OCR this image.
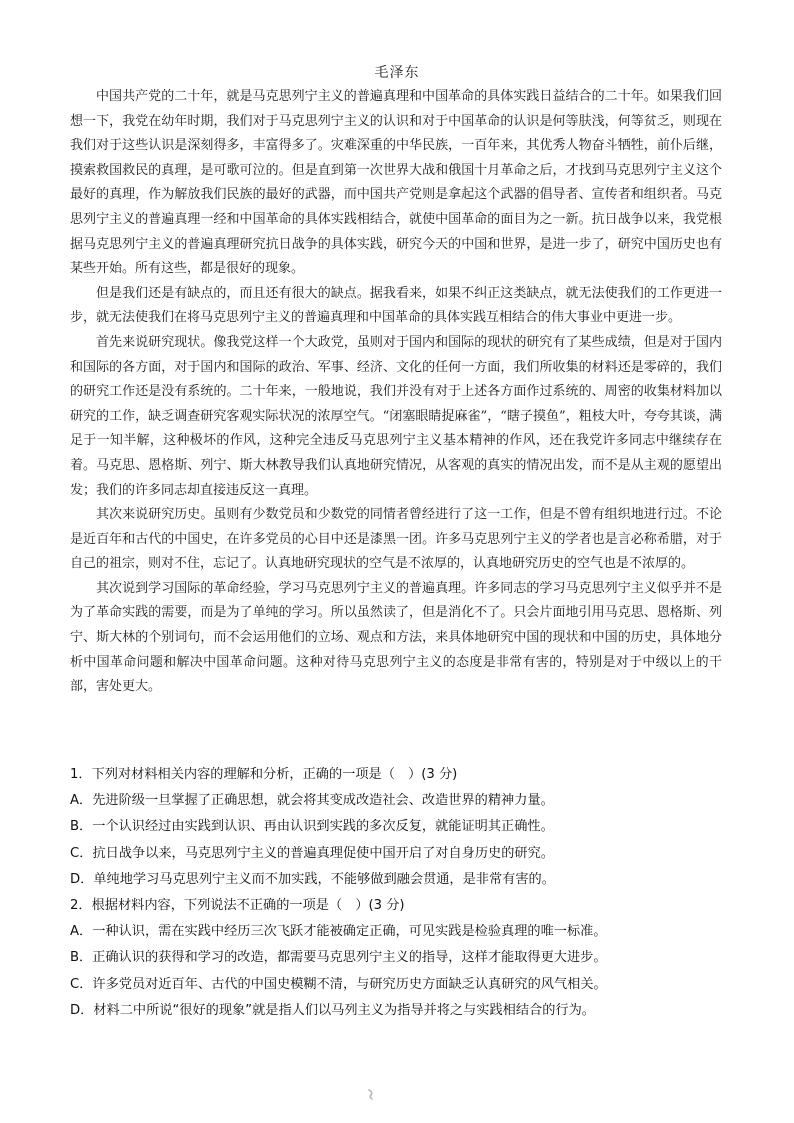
毛泽东

中国共产党的二十年，就是马克思列宁主义的普遍真理和中国革命的具体实践日益结合的二十年。如果我们回想一下，我党在幼年时期，我们对于马克思列宁主义的认识和对于中国革命的认识是何等肤浅，何等贫乏，则现在我们对于这些认识是深刻得多，丰富得多了。灾难深重的中华民族，一百年来，其优秀人物奋斗牺牲，前仆后继，摸索救国救民的真理，是可歌可泣的。但是直到第一次世界大战和俄国十月革命之后，才找到马克思列宁主义这个最好的真理，作为解放我们民族的最好的武器，而中国共产党则是拿起这个武器的倡导者、宣传者和组织者。马克思列宁主义的普遍真理一经和中国革命的具体实践相结合，就使中国革命的面目为之一新。抗日战争以来，我党根据马克思列宁主义的普遍真理研究抗日战争的具体实践，研究今天的中国和世界，是进一步了，研究中国历史也有某些开始。所有这些，都是很好的现象。

但是我们还是有缺点的，而且还有很大的缺点。据我看来，如果不纠正这类缺点，就无法使我们的工作更进一步，就无法使我们在将马克思列宁主义的普遍真理和中国革命的具体实践互相结合的伟大事业中更进一步。

首先来说研究现状。像我党这样一个大政党，虽则对于国内和国际的现状的研究有了某些成绩，但是对于国内和国际的各方面，对于国内和国际的政治、军事、经济、文化的任何一方面，我们所收集的材料还是零碎的，我们的研究工作还是没有系统的。二十年来，一般地说，我们并没有对于上述各方面作过系统的、周密的收集材料加以研究的工作，缺乏调查研究客观实际状况的浓厚空气。“闭塞眼睛捉麻雀”，“瞎子摸鱼”，粗枝大叶，夸夸其谈，满足于一知半解，这种极坏的作风，这种完全违反马克思列宁主义基本精神的作风，还在我党许多同志中继续存在着。马克思、恩格斯、列宁、斯大林教导我们认真地研究情况，从客观的真实的情况出发，而不是从主观的愿望出发；我们的许多同志却直接违反这一真理。

其次来说研究历史。虽则有少数党员和少数党的同情者曾经进行了这一工作，但是不曾有组织地进行过。不论是近百年和古代的中国史，在许多党员的心目中还是漆黑一团。许多马克思列宁主义的学者也是言必称希腊，对于自己的祖宗，则对不住，忘记了。认真地研究现状的空气是不浓厚的，认真地研究历史的空气也是不浓厚的。

其次说到学习国际的革命经验，学习马克思列宁主义的普遍真理。许多同志的学习马克思列宁主义似乎并不是为了革命实践的需要，而是为了单纯的学习。所以虽然读了，但是消化不了。只会片面地引用马克思、恩格斯、列宁、斯大林的个别词句，而不会运用他们的立场、观点和方法，来具体地研究中国的现状和中国的历史，具体地分析中国革命问题和解决中国革命问题。这种对待马克思列宁主义的态度是非常有害的，特别是对于中级以上的干部，害处更大。

1．下列对材料相关内容的理解和分析，正确的一项是（　）(3 分)
A．先进阶级一旦掌握了正确思想，就会将其变成改造社会、改造世界的精神力量。
B．一个认识经过由实践到认识、再由认识到实践的多次反复，就能证明其正确性。
C．抗日战争以来，马克思列宁主义的普遍真理促使中国开启了对自身历史的研究。
D．单纯地学习马克思列宁主义而不加实践，不能够做到融会贯通，是非常有害的。
2．根据材料内容，下列说法不正确的一项是（　）(3 分)
A．一种认识，需在实践中经历三次飞跃才能被确定正确，可见实践是检验真理的唯一标准。
B．正确认识的获得和学习的改造，都需要马克思列宁主义的指导，这样才能取得更大进步。
C．许多党员对近百年、古代的中国史模糊不清，与研究历史方面缺乏认真研究的风气相关。
D．材料二中所说“很好的现象”就是指人们以马列主义为指导并将之与实践相结合的行为。
